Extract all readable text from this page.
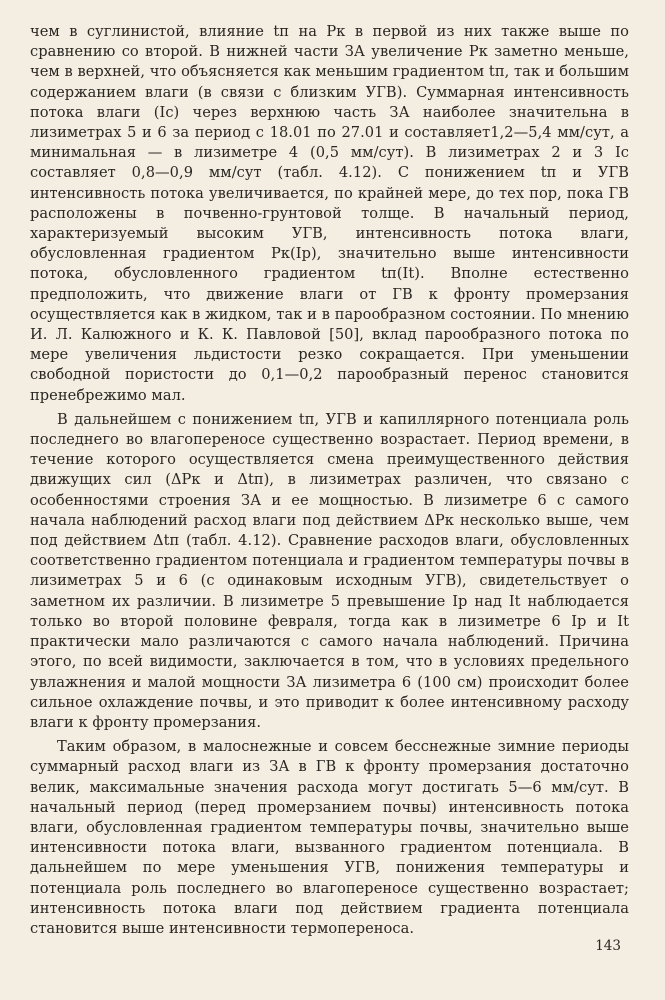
чем в суглинистой, влияние tп на Рк в первой из них также выше по сравнению со второй. В нижней части ЗА увеличение Рк заметно меньше, чем в верхней, что объясняется как меньшим градиентом tп, так и большим содержанием влаги (в связи с близким УГВ). Суммарная интенсивность потока влаги (Ic) через верхнюю часть ЗА наиболее значительна в лизиметрах 5 и 6 за период с 18.01 по 27.01 и составляет1,2—5,4 мм/сут, а минимальная — в лизиметре 4 (0,5 мм/сут). В лизиметрах 2 и 3 Ic составляет 0,8—0,9 мм/сут (табл. 4.12). С понижением tп и УГВ интенсивность потока увеличивается, по крайней мере, до тех пор, пока ГВ расположены в почвенно-грунтовой толще. В начальный период, характеризуемый высоким УГВ, интенсивность потока влаги, обусловленная градиентом Рк(Ip), значительно выше интенсивности потока, обусловленного градиентом tп(It). Вполне естественно предположить, что движение влаги от ГВ к фронту промерзания осуществляется как в жидком, так и в парообразном состоянии. По мнению И. Л. Калюжного и К. К. Павловой [50], вклад парообразного потока по мере увеличения льдистости резко сокращается. При уменьшении свободной пористости до 0,1—0,2 парообразный перенос становится пренебрежимо мал.

В дальнейшем с понижением tп, УГВ и капиллярного потенциала роль последнего во влагопереносе существенно возрастает. Период времени, в течение которого осуществляется смена преимущественного действия движущих сил (ΔРк и Δtп), в лизиметрах различен, что связано с особенностями строения ЗА и ее мощностью. В лизиметре 6 с самого начала наблюдений расход влаги под действием ΔРк несколько выше, чем под действием Δtп (табл. 4.12). Сравнение расходов влаги, обусловленных соответственно градиентом потенциала и градиентом температуры почвы в лизиметрах 5 и 6 (с одинаковым исходным УГВ), свидетельствует о заметном их различии. В лизиметре 5 превышение Ip над It наблюдается только во второй половине февраля, тогда как в лизиметре 6 Ip и It практически мало различаются с самого начала наблюдений. Причина этого, по всей видимости, заключается в том, что в условиях предельного увлажнения и малой мощности ЗА лизиметра 6 (100 см) происходит более сильное охлаждение почвы, и это приводит к более интенсивному расходу влаги к фронту промерзания.

Таким образом, в малоснежные и совсем бесснежные зимние периоды суммарный расход влаги из ЗА в ГВ к фронту промерзания достаточно велик, максимальные значения расхода могут достигать 5—6 мм/сут. В начальный период (перед промерзанием почвы) интенсивность потока влаги, обусловленная градиентом температуры почвы, значительно выше интенсивности потока влаги, вызванного градиентом потенциала. В дальнейшем по мере уменьшения УГВ, понижения температуры и потенциала роль последнего во влагопереносе существенно возрастает; интенсивность потока влаги под действием градиента потенциала становится выше интенсивности термопереноса.

143
